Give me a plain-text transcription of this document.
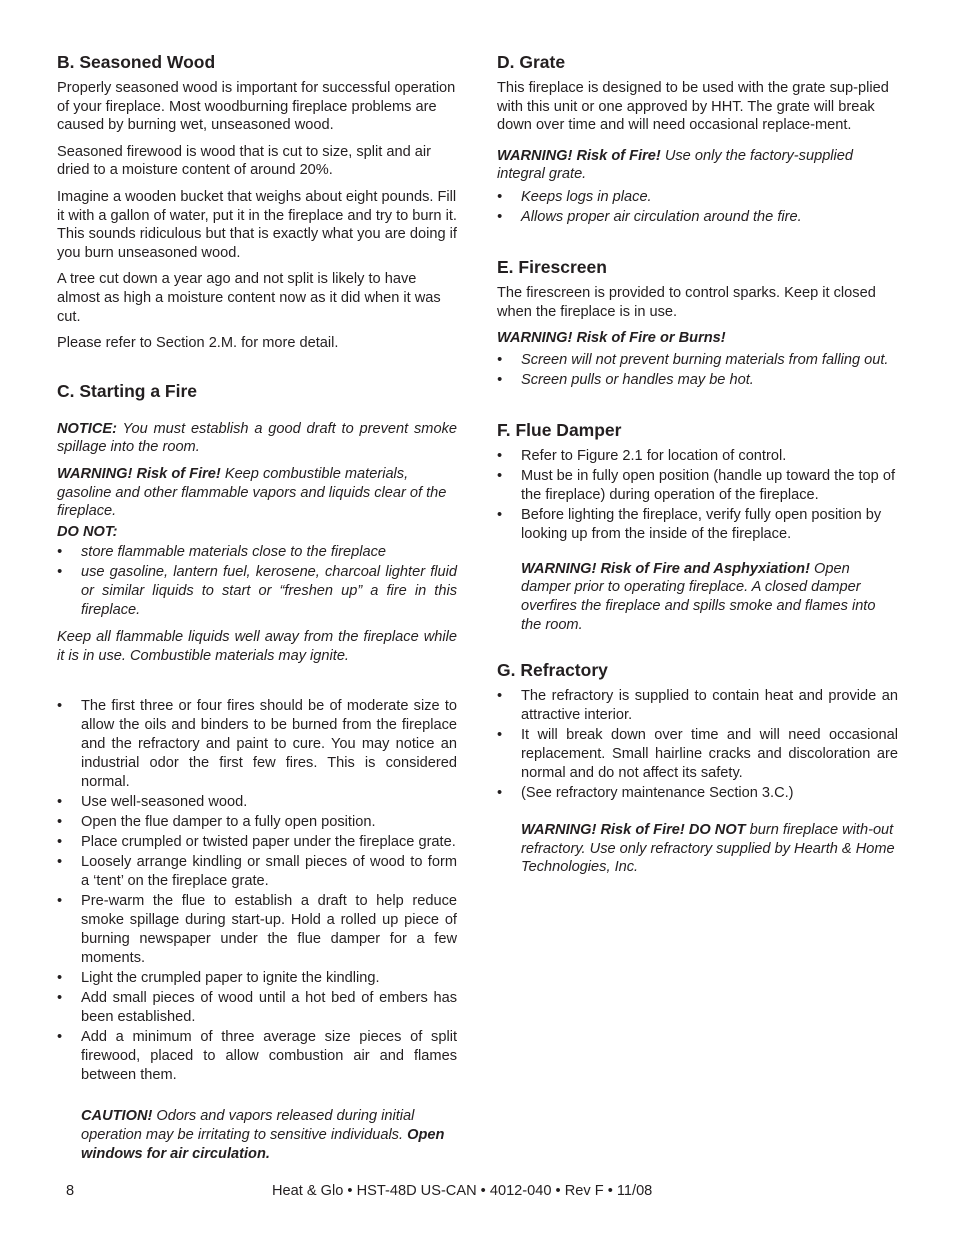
B. Seasoned Wood

Properly seasoned wood is important for successful operation of your fireplace. Most woodburning fireplace problems are caused by burning wet, unseasoned wood.

Seasoned firewood is wood that is cut to size, split and air dried to a moisture content of around 20%.

Imagine a wooden bucket that weighs about eight pounds. Fill it with a gallon of water, put it in the fireplace and try to burn it. This sounds ridiculous but that is exactly what you are doing if you burn unseasoned wood.

A tree cut down a year ago and not split is likely to have almost as high a moisture content now as it did when it was cut.

Please refer to Section 2.M. for more detail.

C. Starting a Fire

NOTICE: You must establish a good draft to prevent smoke spillage into the room.

WARNING! Risk of Fire! Keep combustible materials, gasoline and other flammable vapors and liquids clear of the fireplace.

DO NOT:

• store flammable materials close to the fireplace
• use gasoline, lantern fuel, kerosene, charcoal lighter fluid or similar liquids to start or “freshen up” a fire in this fireplace.

Keep all flammable liquids well away from the fireplace while it is in use. Combustible materials may ignite.

• The first three or four fires should be of moderate size to allow the oils and binders to be burned from the fireplace and the refractory and paint to cure. You may notice an industrial odor the first few fires. This is considered normal.
• Use well-seasoned wood.
• Open the flue damper to a fully open position.
• Place crumpled or twisted paper under the fireplace grate.
• Loosely arrange kindling or small pieces of wood to form a ‘tent’ on the fireplace grate.
• Pre-warm the flue to establish a draft to help reduce smoke spillage during start-up. Hold a rolled up piece of burning newspaper under the flue damper for a few moments.
• Light the crumpled paper to ignite the kindling.
• Add small pieces of wood until a hot bed of embers has been established.
• Add a minimum of three average size pieces of split firewood, placed to allow combustion air and flames between them.

CAUTION! Odors and vapors released during initial operation may be irritating to sensitive individuals. Open windows for air circulation.

D. Grate

This fireplace is designed to be used with the grate sup-plied with this unit or one approved by HHT. The grate will break down over time and will need occasional replace-ment.

WARNING! Risk of Fire! Use only the factory-supplied integral grate.

• Keeps logs in place.
• Allows proper air circulation around the fire.
E. Firescreen

The firescreen is provided to control sparks. Keep it closed when the fireplace is in use.

WARNING! Risk of Fire or Burns!

• Screen will not prevent burning materials from falling out.
• Screen pulls or handles may be hot.
F. Flue Damper
• Refer to Figure 2.1 for location of control.
• Must be in fully open position (handle up toward the top of the fireplace) during operation of the fireplace.
• Before lighting the fireplace, verify fully open position by looking up from the inside of the fireplace.

WARNING! Risk of Fire and Asphyxiation! Open damper prior to operating fireplace. A closed damper overfires the fireplace and spills smoke and flames into the room.

G. Refractory
• The refractory is supplied to contain heat and provide an attractive interior.
• It will break down over time and will need occasional replacement. Small hairline cracks and discoloration are normal and do not affect its safety.
• (See refractory maintenance Section 3.C.)

WARNING! Risk of Fire! DO NOT burn fireplace with-out refractory. Use only refractory supplied by Hearth & Home Technologies, Inc.

8	Heat & Glo • HST-48D US-CAN • 4012-040 • Rev F • 11/08
